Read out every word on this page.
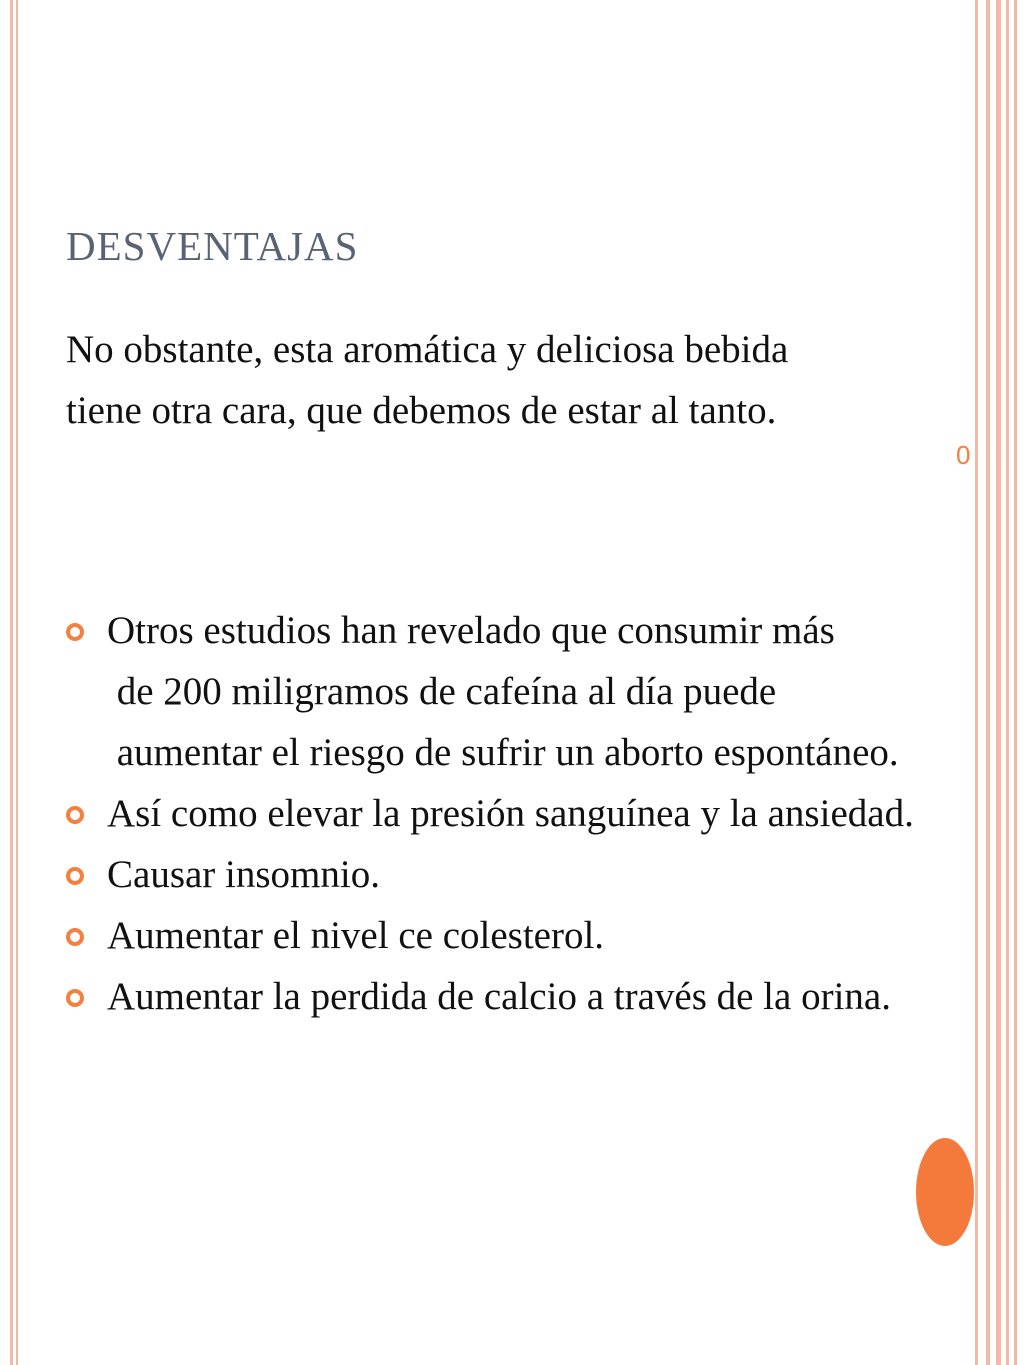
DESVENTAJAS
0

No obstante, esta aromática y deliciosa bebida

tiene otra cara, que debemos de estar al tanto.

Otros estudios han revelado que consumir más
de 200 miligramos de cafeína al día puede
aumentar el riesgo de sufrir un aborto espontáneo.
Así como elevar la presión sanguínea y la ansiedad.
Causar insomnio.
Aumentar el nivel ce colesterol.
Aumentar la perdida de calcio a través de la orina.
